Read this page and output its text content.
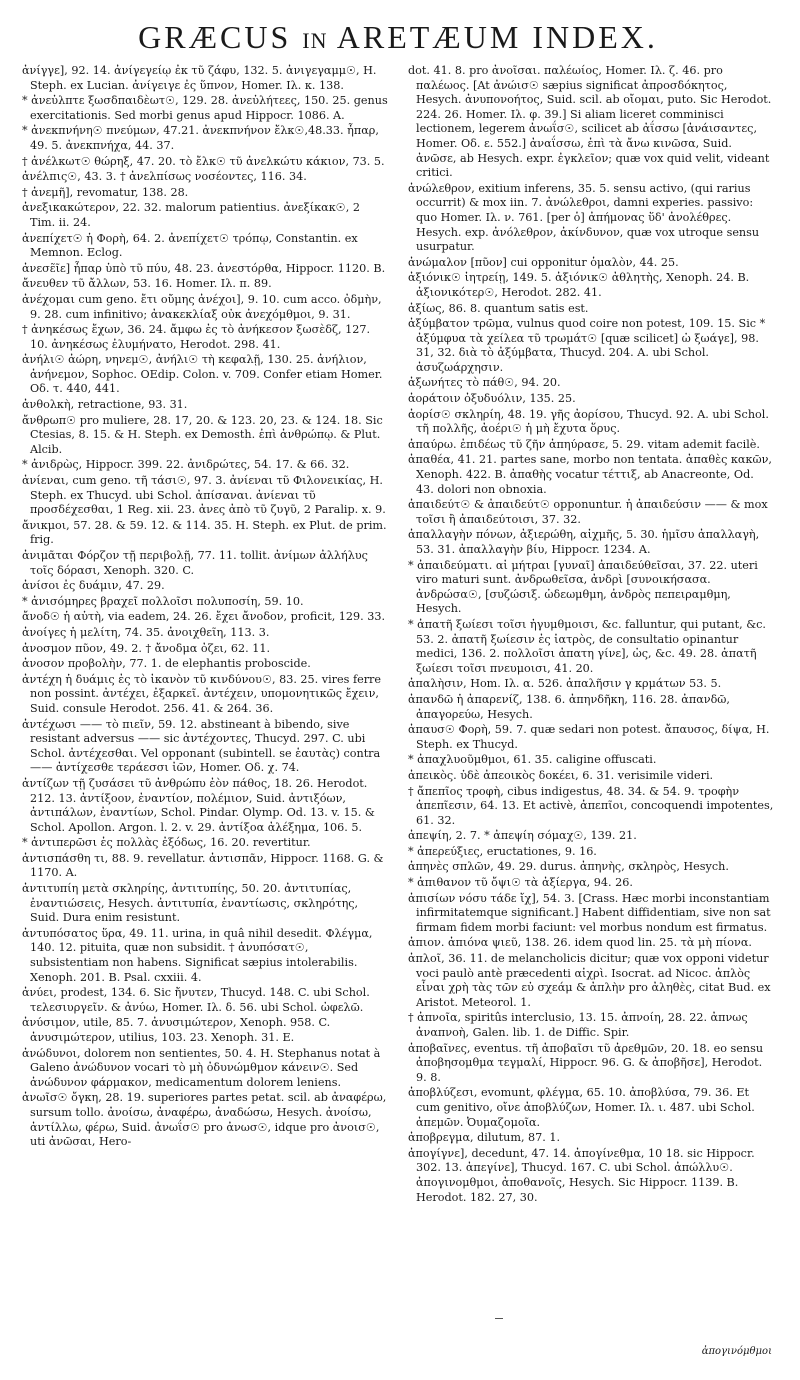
GRÆCUS IN ARETÆUM INDEX.

ἀνίγγε], 92. 14. ἀνίγεγείῳ ἐκ τῦ ζάφυ, 132. 5. ἀνιγεγαμμ☉, H. Steph. ex Lucian. ἀνίγειγε ἐς ὕπνον, Homer. Iλ. κ. 138.

* ἀνεὐλπτε ξωσδπαιδὲωτ☉, 129. 28. ἀνεὐλήτεες, 150. 25. genus exercitationis. Sed morbi genus apud Hippocr. 1086. A.

* ἀνεκπνήνη☉ πνεύμων, 47.21. ἀνεκπνήνον ἔλκ☉,48.33. ἦπαρ, 49. 5. ἀνεκπνήχα, 44. 37.

† ἀνέλκωτ☉ θώρηξ, 47. 20. τὸ ἔλκ☉ τῦ ἀνελκώτυ κάκιον, 73. 5.

ἀνέλπις☉, 43. 3. † ἀνελπίσως νοσέοντες, 116. 34.

† ἀνεμῆ], revomatur, 138. 28.

ἀνεξικακώτερον, 22. 32. malorum patientius. ἀνεξίκακ☉, 2 Tim. ii. 24.

ἀνεπίχετ☉ ἡ Φορὴ, 64. 2. ἀνεπίχετ☉ τρόπῳ, Constantin. ex Memnon. Eclog.

ἀνεσε̃ῖε] ἧπαρ ὑπὸ τῦ πύυ, 48. 23. ἀνεστόρθα, Hippocr. 1120. B.

ἄνευθεν τῦ ἄλλων, 53. 16. Homer. Iλ. π. 89.

ἀνέχομαι cum geno. ἔτι οὔμης ἀνέχοι], 9. 10. cum acco. ὀδμὴν, 9. 28. cum infinitivo; ἀνακεκλίαξ οὐκ ἀνεχόμθμοι, 9. 31.

† ἀνηκέσως ἔχων, 36. 24. ἄμφω ἐς τὸ ἀνήκεσον ξωσὲδζ, 127. 10. ἀνηκέσως ἐλυμήνατο, Herodot. 298. 41.

ἀνήλι☉ ἀώρη, νηνεμ☉, ἀνήλι☉ τὴ κεφαλῇ, 130. 25. ἀνήλιον, ἀνήνεμον, Sophoc. OEdip. Colon. v. 709. Confer etiam Homer. Oδ. τ. 440, 441.

ἀνθολκὴ, retractione, 93. 31.

ἄνθρωπ☉ pro muliere, 28. 17, 20. & 123. 20, 23. & 124. 18. Sic Ctesias, 8. 15. & H. Steph. ex Demosth. ἐπὶ ἀνθρώπῳ. & Plut. Alcib.

* ἀνιδρὼς, Hippocr. 399. 22. ἀνιδρώτες, 54. 17. & 66. 32.

ἀνίεναι, cum geno. τῆ τάσι☉, 97. 3. ἀνίεναι τῦ Φιλονεικίας, H. Steph. ex Thucyd. ubi Schol. ἀπίσαναι. ἀνίεναι τῦ προσδέχεσθαι, 1 Reg. xii. 23. ἀνες ἀπὸ τῦ ζυγῦ, 2 Paralip. x. 9.

ἄνικμοι, 57. 28. & 59. 12. & 114. 35. H. Steph. ex Plut. de prim. frig.

ἀνιμᾶται Φόρζον τῇ περιβολῇ, 77. 11. tollit. ἀνίμων ἀλλήλυς τοῖς δόρασι, Xenoph. 320. C.

ἀνίσοι ἐς δυάμιν, 47. 29.

* ἀνισόμηρες βραχεῖ πολλοῖσι πολυποσίη, 59. 10.

ἄνοδ☉ ἡ αὐτὴ, via eadem, 24. 26. ἔχει ἄνοδον, proficit, 129. 33.

ἀνοίγες ἡ μελίτη, 74. 35. ἀνοιχθεῖη, 113. 3.

ἀνοσμον πῦον, 49. 2. † ἄνοδμα ὀζει, 62. 11.

ἀνοσον προβολὴν, 77. 1. de elephantis proboscide.

ἀντέχη ἡ δυάμις ἐς τὸ ἱκανὸν τῦ κινδύνου☉, 83. 25. vires ferre non possint. ἀντέχει, ἐξαρκεῖ. ἀντέχειν, υπομονητικῶς ἔχειν, Suid. consule Herodot. 256. 41. & 264. 36.

ἀντέχωσι —— τὸ πιεῖν, 59. 12. abstineant à bibendo, sive resistant adversus —— sic ἀντέχοντες, Thucyd. 297. C. ubi Schol. ἀντέχεσθαι. Vel opponant (subintell. se ἑαυτὰς) contra —— ἀντίχεσθε τεράεσσι ἰῶν, Homer. Oδ. χ. 74.

ἀντίζων τῇ ζυσάσει τῦ ἀνθρώπυ ἐὸν πάθος, 18. 26. Herodot. 212. 13. ἀντίξοον, ἐναντίον, πολέμιον, Suid. ἀντιξόων, ἀντιπάλων, ἐναντίων, Schol. Pindar. Olymp. Od. 13. v. 15. & Schol. Apollon. Argon. l. 2. v. 29. ἀντίξοα ἀλέξημα, 106. 5.

* ἀντιπερῶσι ἐς πολλὰς ἐξόδως, 16. 20. revertitur.

ἀντισπάσθη τι, 88. 9. revellatur. ἀντισπᾶν, Hippocr. 1168. G. & 1170. A.

ἀντιτυπίη μετὰ σκληρίης, ἀντιτυπίης, 50. 20. ἀντιτυπίας, ἐναντιώσεις, Hesych. ἀντιτυπία, ἐναντίωσις, σκληρότης, Suid. Dura enim resistunt.

ἀντυπόσατος ὕρα, 49. 11. urina, in quâ nihil desedit. Φλέγμα, 140. 12. pituita, quæ non subsidit. † ἀνυπόσατ☉, subsistentiam non habens. Significat sæpius intolerabilis. Xenoph. 201. B. Psal. cxxiii. 4.

ἀνύει, prodest, 134. 6. Sic ἤνυτεν, Thucyd. 148. C. ubi Schol. τελεσιυργεῖν. & ἀνύω, Homer. Iλ. δ. 56. ubi Schol. ὠφελῶ.

ἀνύσιμον, utile, 85. 7. ἀνυσιμώτερον, Xenoph. 958. C. ἀνυσιμώτερον, utilius, 103. 23. Xenoph. 31. E.

ἀνώδυνοι, dolorem non sentientes, 50. 4. H. Stephanus notat à Galeno ἀνώδυνον vocari τὸ μὴ ὀδυνώμθμον κάνειν☉. Sed ἀνώδυνον φάρμακον, medicamentum dolorem leniens.

ἀνωῖσ☉ ὄγκη, 28. 19. superiores partes petat. scil. ab ἀναφέρω, sursum tollo. ἀνοίσω, ἀναφέρω, ἀναδώσω, Hesych. ἀνοίσω, ἀντίλλω, φέρω, Suid. ἀνωΐσ☉ pro ἀνωσ☉, idque pro ἀνοισ☉, uti ἀνῶσαι, Hero-

dot. 41. 8. pro ἀνοῖσαι. παλέωίος, Homer. Iλ. ζ. 46. pro παλέωος. [At ἀνώισ☉ sæpius significat ἀπροσδόκητος, Hesych. ἀνυπονοήτος, Suid. scil. ab οἴομαι, puto. Sic Herodot. 224. 26. Homer. Iλ. φ. 39.] Si aliam liceret comminisci lectionem, legerem ἀνωΐσ☉, scilicet ab ἀΐσσω [ἀνάισαντες, Homer. Oδ. ε. 552.] ἀναΐσσω, ἐπὶ τὰ ἄνω κινῶσα, Suid. ἀνῶσε, ab Hesych. expr. ἐγκλεῖον; quæ vox quid velit, videant critici.

ἀνώλεθρον, exitium inferens, 35. 5. sensu activo, (qui rarius occurrit) & mox iin. 7. ἀνώλεθροι, damni experies. passivo: quo Homer. Iλ. ν. 761. [per ὁ] ἀπήμονας ὕδ' ἀνολέθρες. Hesych. exp. ἀνόλεθρον, ἀκίνδυνον, quæ vox utroque sensu usurpatur.

ἀνώμαλον [πῦον] cui opponitur ὁμαλὸν, 44. 25.

ἀξιόνικ☉ ἰητρείῃ, 149. 5. ἀξιόνικ☉ ἀθλητὴς, Xenoph. 24. B. ἀξιονικότερ☉, Herodot. 282. 41.

ἀξίως, 86. 8. quantum satis est.

ἀξύμβατον τρῶμα, vulnus quod coire non potest, 109. 15. Sic * ἀξύμφυα τὰ χείλεα τῦ τρωμάτ☉ [quæ scilicet] ὡ ξωάγε], 98. 31, 32. διὰ τὸ ἀξύμβατα, Thucyd. 204. A. ubi Schol. ἀσυζωάρχησιν.

ἀξωνήτες τὸ πάθ☉, 94. 20.

ἀοράτοιν ὀξυδυόλιν, 135. 25.

ἀορίσ☉ σκληρίη, 48. 19. γῆς ἀορίσου, Thucyd. 92. A. ubi Schol. τῆ πολλῆς, ἀοέρι☉ ἡ μὴ ἔχυτα ὅρυς.

ἀπαύρω. ἐπιδέως τῦ ζῆν ἀπηύρασε, 5. 29. vitam ademit facilè.

ἀπαθέα, 41. 21. partes sane, morbo non tentata. ἀπαθὲς κακῶν, Xenoph. 422. B. ἀπαθὴς vocatur τέττιξ, ab Anacreonte, Od. 43. dolori non obnoxia.

ἀπαιδεύτ☉ & ἀπαιδεύτ☉ opponuntur. ἡ ἀπαιδεύσιν —— & mox τοῖσι ἢ ἀπαιδεύτοισι, 37. 32.

ἀπαλλαγὴν πόνων, ἀξιερώθη, αἰχμῆς, 5. 30. ἡμῖσυ ἀπαλλαγὴ, 53. 31. ἀπαλλαγὴν βίυ, Hippocr. 1234. A.

* ἀπαιδεύματι. αἱ μήτραι [γυναῖ] ἀπαιδεύθεῖσαι, 37. 22. uteri viro maturi sunt. ἀνδρωθεῖσα, ἀνδρὶ [συνοικήσασα. ἀνδρώσα☉, [συζώσιξ. ὡδεωμθμη, ἀνδρὸς πεπειραμθμη, Hesych.

* ἀπατῆ ξωίεσι τοῖσι ἠγυμθμοισι, &c. falluntur, qui putant, &c. 53. 2. ἀπατῆ ξωίεσιν ἐς ἰατρὸς, de consultatio opinantur medici, 136. 2. πολλοῖσι ἀπατη γίνε], ὡς, &c. 49. 28. ἀπατῆ ξωίεσι τοῖσι πνευμοισι, 41. 20.

ἀπαλὴσιν, Hom. Iλ. α. 526. ἀπαλῆσιν γ κρμάτων 53. 5.

ἀπανδῶ ἡ ἀπαρενίζ, 138. 6. ἀπηνδῆκη, 116. 28. ἀπανδῶ, ἀπαγορεύω, Hesych.

ἀπαυσ☉ Φορὴ, 59. 7. quæ sedari non potest. ἄπαυσος, δίψα, H. Steph. ex Thucyd.

* ἀπαχλυοῦμθμοι, 61. 35. caligine offuscati.

ἀπεικὸς. ὐδὲ ἀπεοικὸς δοκέει, 6. 31. verisimile videri.

† ἄπεπῖος τροφὴ, cibus indigestus, 48. 34. & 54. 9. τροφὴν ἀπεπῖεσιν, 64. 13. Et activè, ἀπεπῖοι, concoquendi impotentes, 61. 32.

ἀπεψίη, 2. 7. * ἀπεψίη σόμαχ☉, 139. 21.

* ἀπερεύξιες, eructationes, 9. 16.

ἀπηνὲς σπλῶν, 49. 29. durus. ἀπηνὴς, σκληρὸς, Hesych.

* ἀπιθανον τῦ ὄψι☉ τὰ ἀξίεργα, 94. 26.

ἀπισίων νόσυ τάδε ἴχ], 54. 3. [Crass. Hæc morbi inconstantiam infirmitatemque significant.] Habent diffidentiam, sive non sat firmam fidem morbi faciunt: vel morbus nondum est firmatus.

ἀπιον. ἀπιόνα ψιεῦ, 138. 26. idem quod lin. 25. τὰ μὴ πίονα.

ἀπλοῖ, 36. 11. de melancholicis dicitur; quæ vox opponi videtur voci paulò antè præcedenti αἰχρὶ. Isocrat. ad Nicoc. ἀπλὸς εἶναι χρὴ τὰς τῶν εὐ σχεάμ & ἀπλὴν pro ἀληθὲς, citat Bud. ex Aristot. Meteorol. 1.

† ἀπνοῖα, spiritûs interclusio, 13. 15. ἀπνοίη, 28. 22. ἀπνως ἀναπνοὴ, Galen. lib. 1. de Diffic. Spir.

ἀποβαῖνες, eventus. τῆ ἀποβαῖσι τῦ ἀρεθμῶν, 20. 18. eo sensu ἀποβησομθμα τεγμαλί, Hippocr. 96. G. & ἀποβῆσε], Herodot. 9. 8.

ἀποβλύζεσι, evomunt, φλέγμα, 65. 10. ἀποβλύσα, 79. 36. Et cum genitivo, οἴνε ἀποβλύζων, Homer. Iλ. ι. 487. ubi Schol. ἀπεμῶν. Ὀυμαζομοῖα.

ἀποβρεγμα, dilutum, 87. 1.

ἀπογίγνε], decedunt, 47. 14. ἀπογίνεθμα, 10 18. sic Hippocr. 302. 13. ἀπεγίνε], Thucyd. 167. C. ubi Schol. ἀπώλλυ☉. ἀπογινομθμοι, ἀποθανοῖς, Hesych. Sic Hippocr. 1139. B. Herodot. 182. 27, 30.

ἀπογινόμθμοι
